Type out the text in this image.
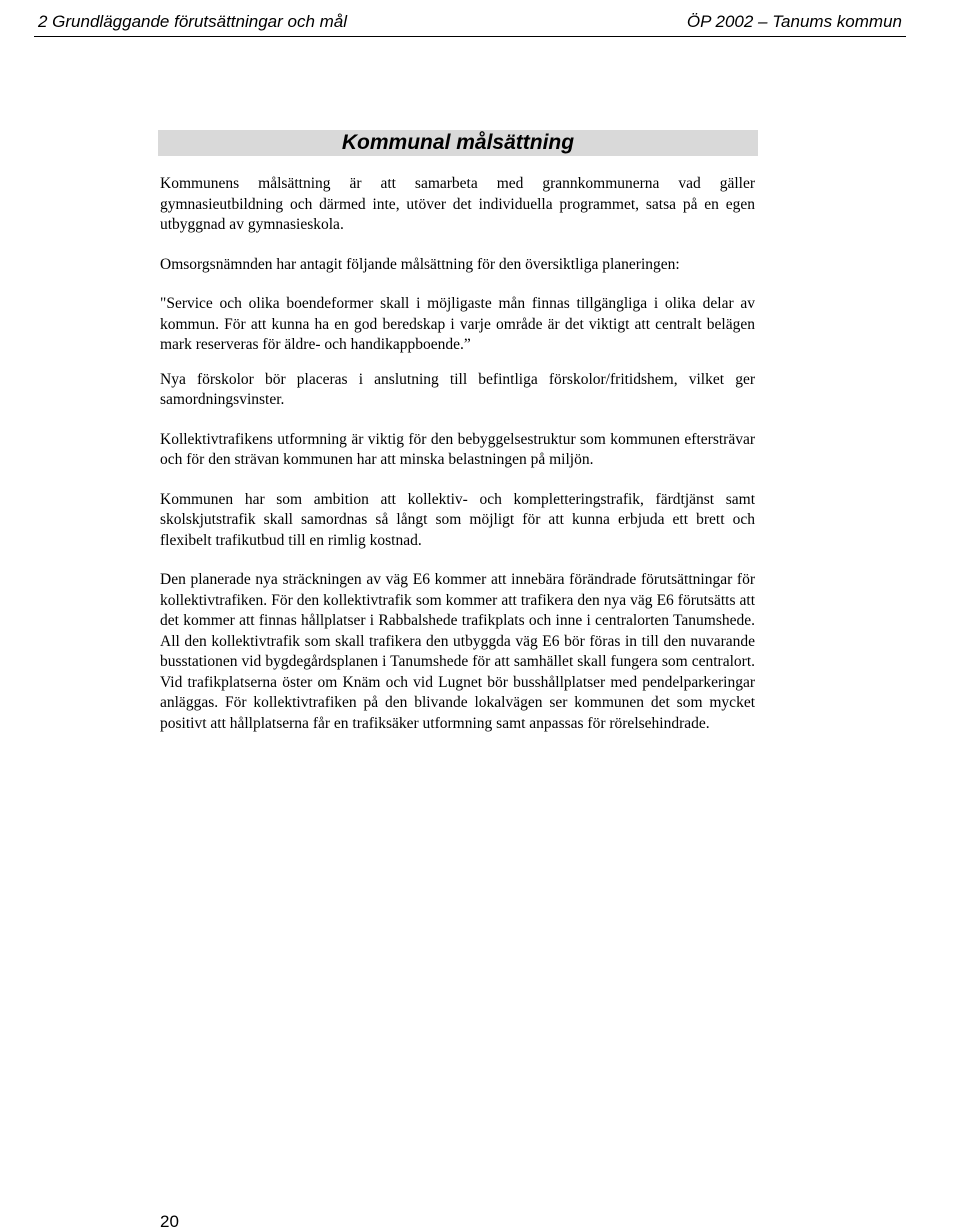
2 Grundläggande förutsättningar och mål	ÖP 2002 – Tanums kommun
Kommunal målsättning

Kommunens målsättning är att samarbeta med grannkommunerna vad gäller gymnasieutbildning och därmed inte, utöver det individuella programmet, satsa på en egen utbyggnad av gymnasieskola.

Omsorgsnämnden har antagit följande målsättning för den översiktliga planeringen:

"Service och olika boendeformer skall i möjligaste mån finnas tillgängliga i olika delar av kommun. För att kunna ha en god beredskap i varje område är det viktigt att centralt belägen mark reserveras för äldre- och handikappboende.”

Nya förskolor bör placeras i anslutning till befintliga förskolor/fritidshem, vilket ger samordningsvinster.

Kollektivtrafikens utformning är viktig för den bebyggelsestruktur som kommunen eftersträvar och för den strävan kommunen har att minska belastningen på miljön.

Kommunen har som ambition att kollektiv- och kompletteringstrafik, färdtjänst samt skolskjutstrafik skall samordnas så långt som möjligt för att kunna erbjuda ett brett och flexibelt trafikutbud till en rimlig kostnad.

Den planerade nya sträckningen av väg E6 kommer att innebära förändrade förutsättningar för kollektivtrafiken. För den kollektivtrafik som kommer att trafikera den nya väg E6 förutsätts att det kommer att finnas hållplatser i Rabbalshede trafikplats och inne i centralorten Tanumshede. All den kollektivtrafik som skall trafikera den utbyggda väg E6 bör föras in till den nuvarande busstationen vid bygdegårdsplanen i Tanumshede för att samhället skall fungera som centralort. Vid trafikplatserna öster om Knäm och vid Lugnet bör busshållplatser med pendelparkeringar anläggas. För kollektivtrafiken på den blivande lokalvägen ser kommunen det som mycket positivt att hållplatserna får en trafiksäker utformning samt anpassas för rörelsehindrade.

20
